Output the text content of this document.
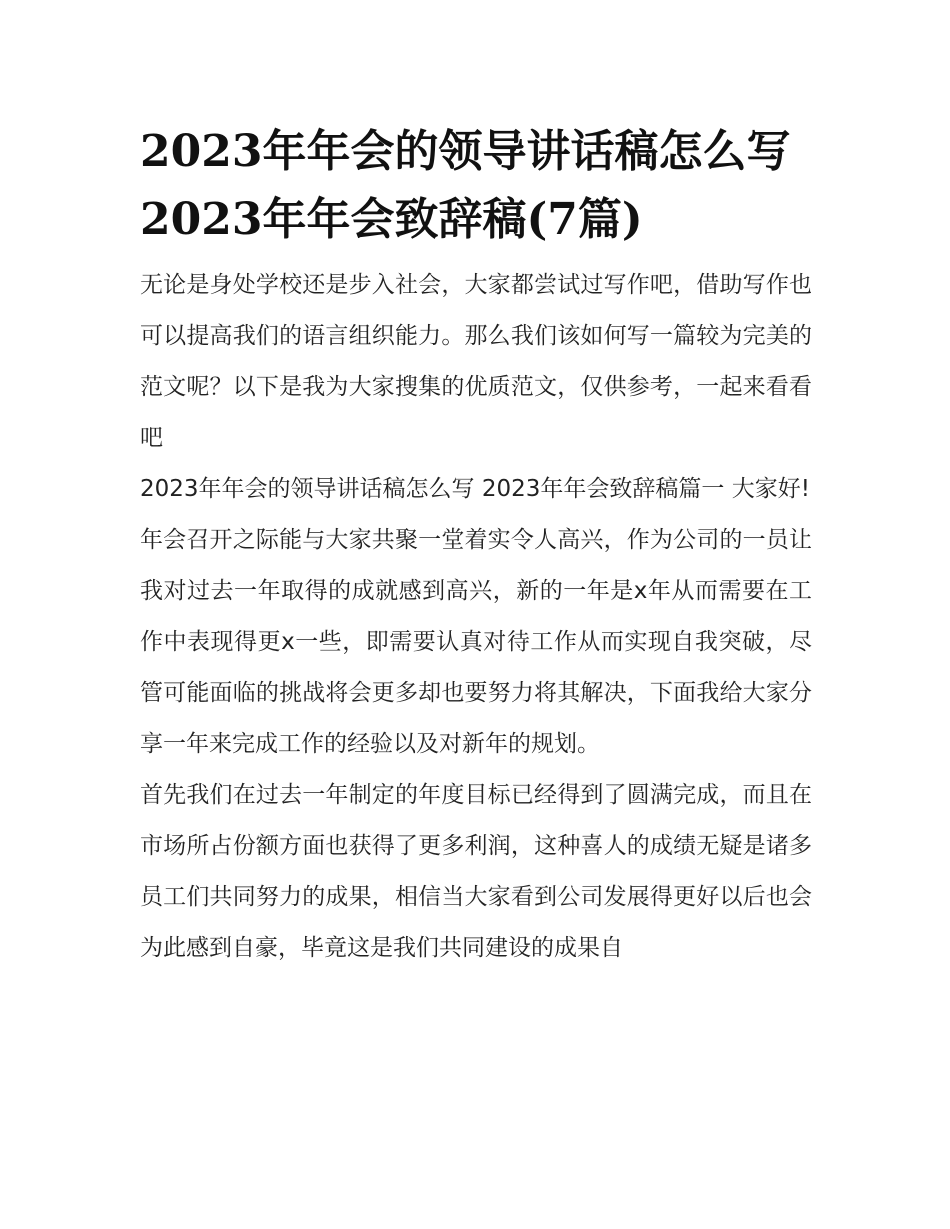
2023年年会的领导讲话稿怎么写 2023年年会致辞稿(7篇)

无论是身处学校还是步入社会，大家都尝试过写作吧，借助写作也可以提高我们的语言组织能力。那么我们该如何写一篇较为完美的范文呢？以下是我为大家搜集的优质范文，仅供参考，一起来看看吧

2023年年会的领导讲话稿怎么写 2023年年会致辞稿篇一 大家好!

年会召开之际能与大家共聚一堂着实令人高兴，作为公司的一员让我对过去一年取得的成就感到高兴，新的一年是x年从而需要在工作中表现得更x一些，即需要认真对待工作从而实现自我突破，尽管可能面临的挑战将会更多却也要努力将其解决，下面我给大家分享一年来完成工作的经验以及对新年的规划。

首先我们在过去一年制定的年度目标已经得到了圆满完成，而且在市场所占份额方面也获得了更多利润，这种喜人的成绩无疑是诸多员工们共同努力的成果，相信当大家看到公司发展得更好以后也会为此感到自豪，毕竟这是我们共同建设的成果自
